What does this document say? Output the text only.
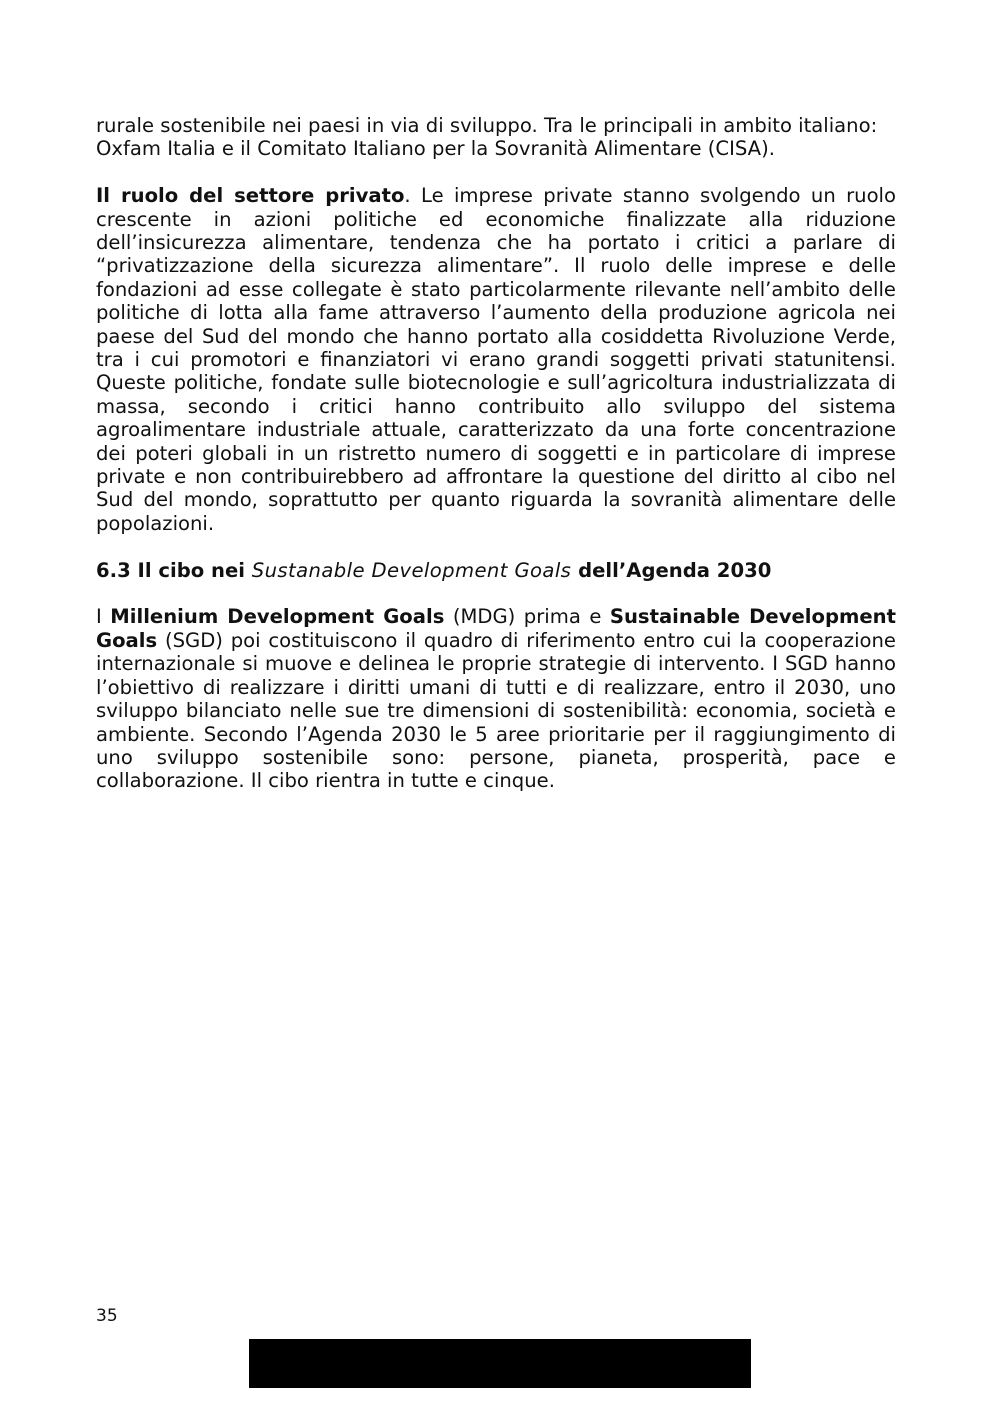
rurale sostenibile nei paesi in via di sviluppo. Tra le principali in ambito italiano:
Oxfam Italia e il Comitato Italiano per la Sovranità Alimentare (CISA).

Il ruolo del settore privato. Le imprese private stanno svolgendo un ruolo crescente in azioni politiche ed economiche finalizzate alla riduzione dell’insicurezza alimentare, tendenza che ha portato i critici a parlare di “privatizzazione della sicurezza alimentare”. Il ruolo delle imprese e delle fondazioni ad esse collegate è stato particolarmente rilevante nell’ambito delle politiche di lotta alla fame attraverso l’aumento della produzione agricola nei paese del Sud del mondo che hanno portato alla cosiddetta Rivoluzione Verde, tra i cui promotori e finanziatori vi erano grandi soggetti privati statunitensi. Queste politiche, fondate sulle biotecnologie e sull’agricoltura industrializzata di massa, secondo i critici hanno contribuito allo sviluppo del sistema agroalimentare industriale attuale, caratterizzato da una forte concentrazione dei poteri globali in un ristretto numero di soggetti e in particolare di imprese private e non contribuirebbero ad affrontare la questione del diritto al cibo nel Sud del mondo, soprattutto per quanto riguarda la sovranità alimentare delle popolazioni.

6.3 Il cibo nei Sustanable Development Goals dell’Agenda 2030

I Millenium Development Goals (MDG) prima e Sustainable Development Goals (SGD) poi costituiscono il quadro di riferimento entro cui la cooperazione internazionale si muove e delinea le proprie strategie di intervento. I SGD hanno l’obiettivo di realizzare i diritti umani di tutti e di realizzare, entro il 2030, uno sviluppo bilanciato nelle sue tre dimensioni di sostenibilità: economia, società e ambiente. Secondo l’Agenda 2030 le 5 aree prioritarie per il raggiungimento di uno sviluppo sostenibile sono: persone, pianeta, prosperità, pace e collaborazione. Il cibo rientra in tutte e cinque.

35
